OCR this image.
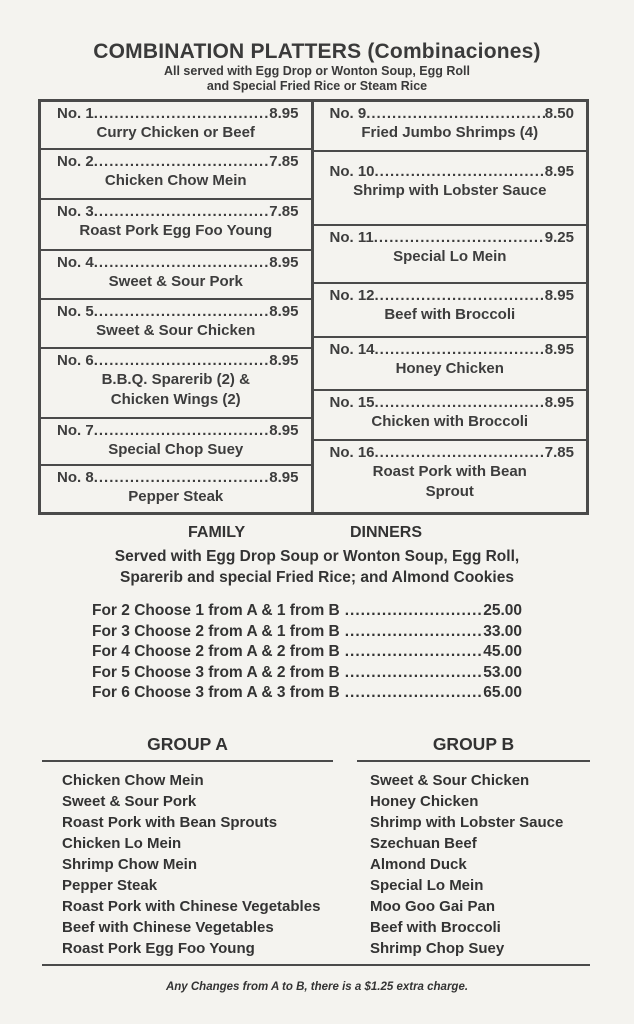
COMBINATION PLATTERS (Combinaciones)
All served with Egg Drop or Wonton Soup, Egg Roll
and Special Fried Rice or Steam Rice
No. 1 .....	8.95
Curry Chicken or Beef
No. 2 .....	7.85
Chicken Chow Mein
No. 3 .....	7.85
Roast Pork Egg Foo Young
No. 4 .....	8.95
Sweet & Sour Pork
No. 5 .....	8.95
Sweet & Sour Chicken
No. 6 .....	8.95
B.B.Q. Sparerib (2) &
Chicken Wings (2)
No. 7 .....	8.95
Special Chop Suey
No. 8 .....	8.95
Pepper Steak
No. 9 .....	8.50
Fried Jumbo Shrimps (4)
No. 10 .....	8.95
Shrimp with Lobster Sauce
No. 11 .....	9.25
Special Lo Mein
No. 12 .....	8.95
Beef with Broccoli
No. 14 .....	8.95
Honey Chicken
No. 15 .....	8.95
Chicken with Broccoli
No. 16 .....	7.85
Roast Pork with Bean
Sprout
FAMILY	DINNERS
Served with Egg Drop Soup or Wonton Soup, Egg Roll,
Sparerib and special Fried Rice; and Almond Cookies
For 2 Choose 1 from A & 1 from B .....	25.00
For 3 Choose 2 from A & 1 from B .....	33.00
For 4 Choose 2 from A & 2 from B .....	45.00
For 5 Choose 3 from A & 2 from B .....	53.00
For 6 Choose 3 from A & 3 from B .....	65.00
GROUP A
Chicken Chow Mein
Sweet & Sour Pork
Roast Pork with Bean Sprouts
Chicken Lo Mein
Shrimp Chow Mein
Pepper Steak
Roast Pork with Chinese Vegetables
Beef with Chinese Vegetables
Roast Pork Egg Foo Young
GROUP B
Sweet & Sour Chicken
Honey Chicken
Shrimp with Lobster Sauce
Szechuan Beef
Almond Duck
Special Lo Mein
Moo Goo Gai Pan
Beef with Broccoli
Shrimp Chop Suey
Any Changes from A to B, there is a $1.25 extra charge.
